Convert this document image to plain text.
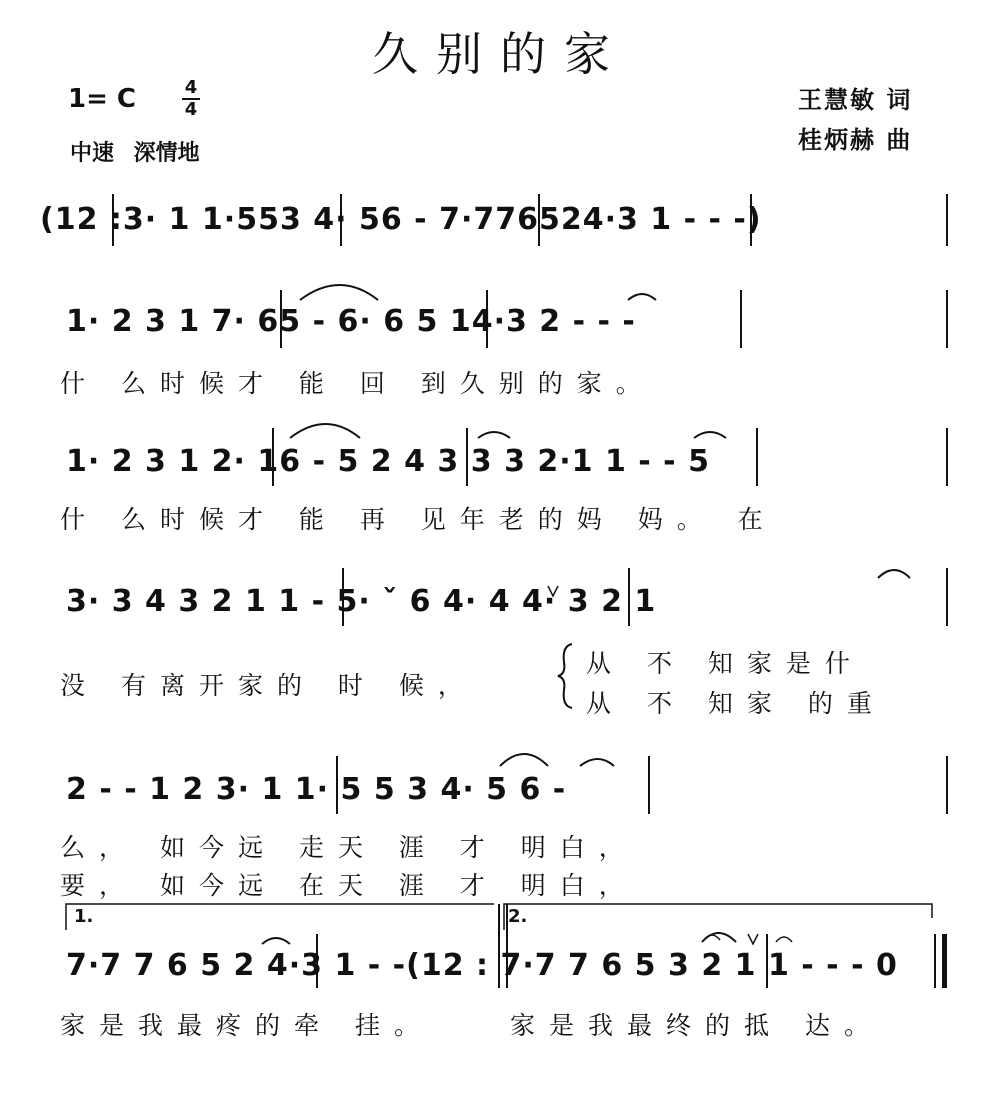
久别的家
1= C	4
4
中速 深情地
王慧敏 词
桂炳赫 曲
(12 :3· 1 1·553 4· 56 - 7·776524·3 1 - - -)
1· 2 3 1 7· 65 - 6· 6 5 14·3 2 - - -
什 么时候才 能 回 到久别的家。
1· 2 3 1 2· 16 - 5 2 4 3 3 3 2·1 1 - - 5
什 么时候才 能 再 见年老的妈 妈。 在
3· 3 4 3 2 1 1 - 5· ˇ 6 4· 4 4· 3 2 1
没 有离开家的 时 候，
从 不 知家是什
从 不 知家 的重
2 - - 1 2 3· 1 1· 5 5 3 4· 5 6 -
么， 如今远 走天 涯 才 明白，
要， 如今远 在天 涯 才 明白，
1.	2.
7·7 7 6 5 2 4·3 1 - -(12 : 7·7 7 6 5 3 2 1 1 - - - 0
家是我最疼的牵 挂。	家是我最终的抵 达。
